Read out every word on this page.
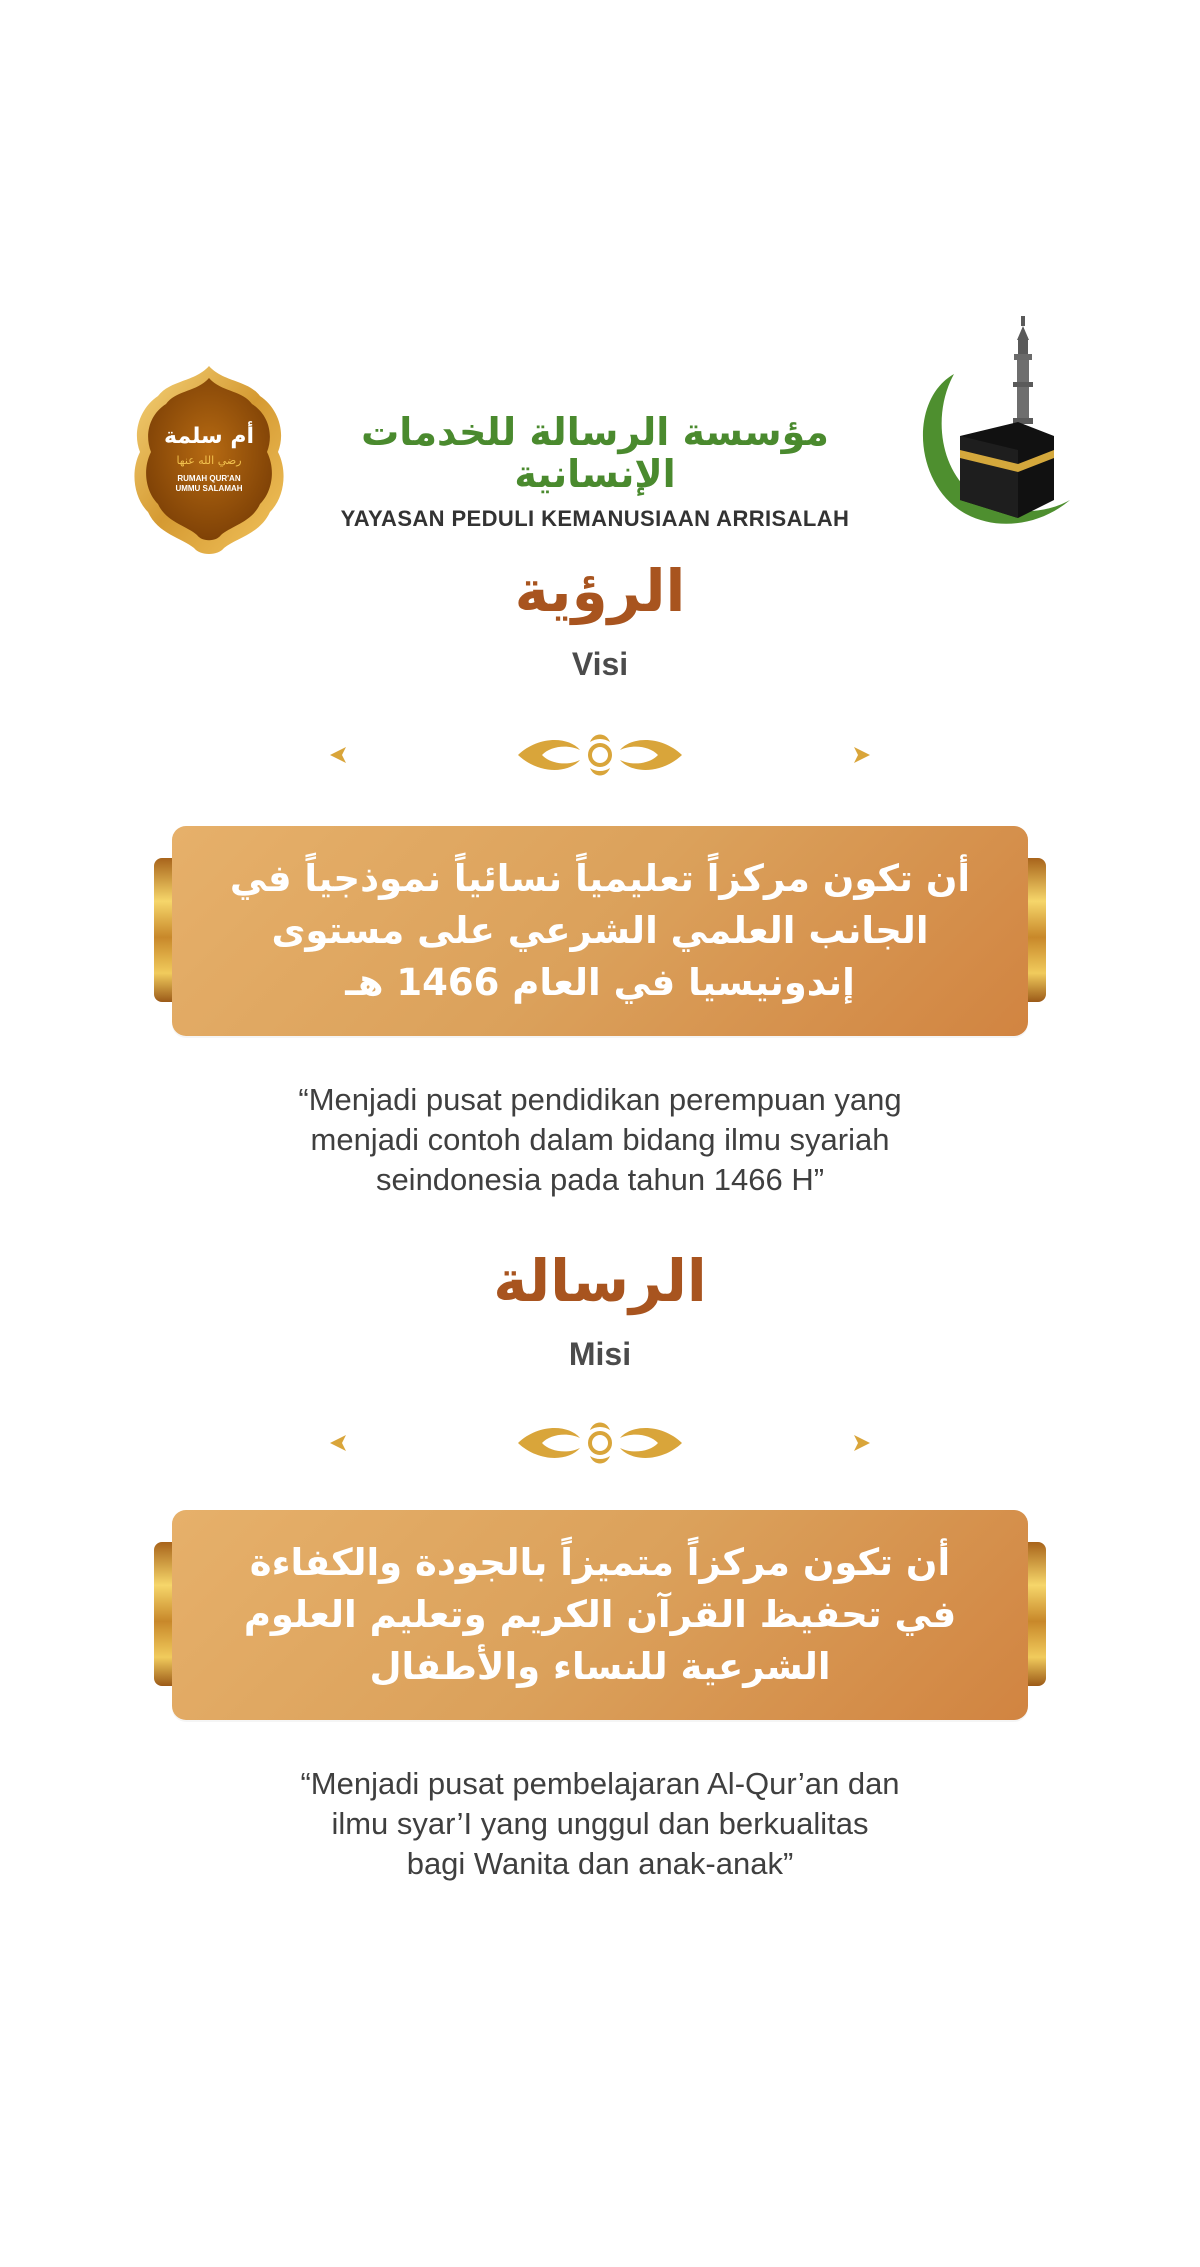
أم سلمة
رضي الله عنها
RUMAH QUR'AN
UMMU SALAMAH
مؤسسة الرسالة للخدمات الإنسانية
YAYASAN PEDULI KEMANUSIAAN ARRISALAH
الرؤية
Visi
أن تكون مركزاً تعليمياً نسائياً نموذجياً في
الجانب العلمي الشرعي على مستوى
إندونيسيا في العام 1466 هـ
“Menjadi pusat pendidikan perempuan yang
menjadi contoh dalam bidang ilmu syariah
seindonesia pada tahun 1466 H”
الرسالة
Misi
أن تكون مركزاً متميزاً بالجودة والكفاءة
في تحفيظ القرآن الكريم وتعليم العلوم
الشرعية للنساء والأطفال
“Menjadi pusat pembelajaran Al-Qur’an dan
ilmu syar’I yang unggul dan berkualitas
bagi Wanita dan anak-anak”
